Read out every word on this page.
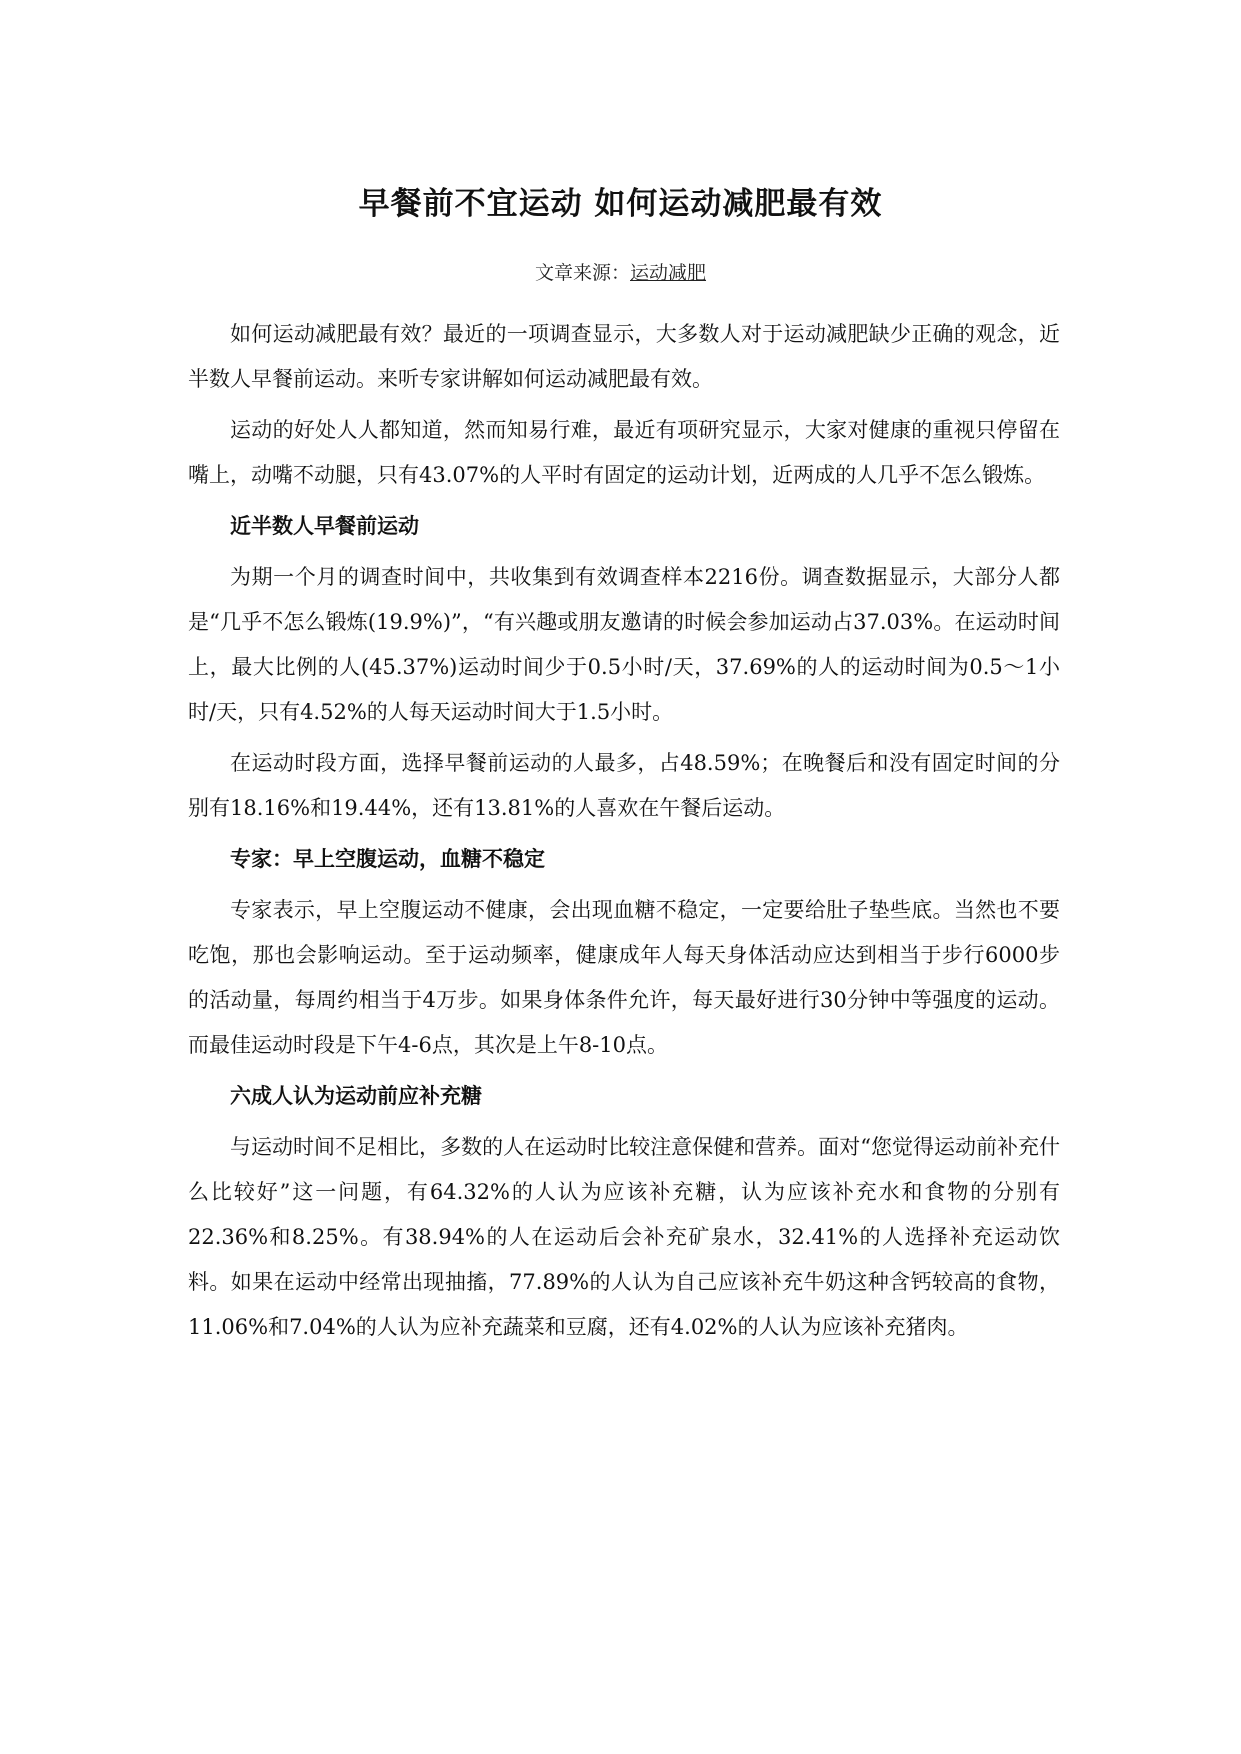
早餐前不宜运动 如何运动减肥最有效
文章来源：运动减肥

如何运动减肥最有效？最近的一项调查显示，大多数人对于运动减肥缺少正确的观念，近半数人早餐前运动。来听专家讲解如何运动减肥最有效。

运动的好处人人都知道，然而知易行难，最近有项研究显示，大家对健康的重视只停留在嘴上，动嘴不动腿，只有43.07%的人平时有固定的运动计划，近两成的人几乎不怎么锻炼。

近半数人早餐前运动

为期一个月的调查时间中，共收集到有效调查样本2216份。调查数据显示，大部分人都是“几乎不怎么锻炼(19.9%)”，“有兴趣或朋友邀请的时候会参加运动占37.03%。在运动时间上，最大比例的人(45.37%)运动时间少于0.5小时/天，37.69%的人的运动时间为0.5～1小时/天，只有4.52%的人每天运动时间大于1.5小时。

在运动时段方面，选择早餐前运动的人最多，占48.59%；在晚餐后和没有固定时间的分别有18.16%和19.44%，还有13.81%的人喜欢在午餐后运动。

专家：早上空腹运动，血糖不稳定

专家表示，早上空腹运动不健康，会出现血糖不稳定，一定要给肚子垫些底。当然也不要吃饱，那也会影响运动。至于运动频率，健康成年人每天身体活动应达到相当于步行6000步的活动量，每周约相当于4万步。如果身体条件允许，每天最好进行30分钟中等强度的运动。而最佳运动时段是下午4-6点，其次是上午8-10点。

六成人认为运动前应补充糖

与运动时间不足相比，多数的人在运动时比较注意保健和营养。面对“您觉得运动前补充什么比较好”这一问题，有64.32%的人认为应该补充糖，认为应该补充水和食物的分别有22.36%和8.25%。有38.94%的人在运动后会补充矿泉水，32.41%的人选择补充运动饮料。如果在运动中经常出现抽搐，77.89%的人认为自己应该补充牛奶这种含钙较高的食物，11.06%和7.04%的人认为应补充蔬菜和豆腐，还有4.02%的人认为应该补充猪肉。
